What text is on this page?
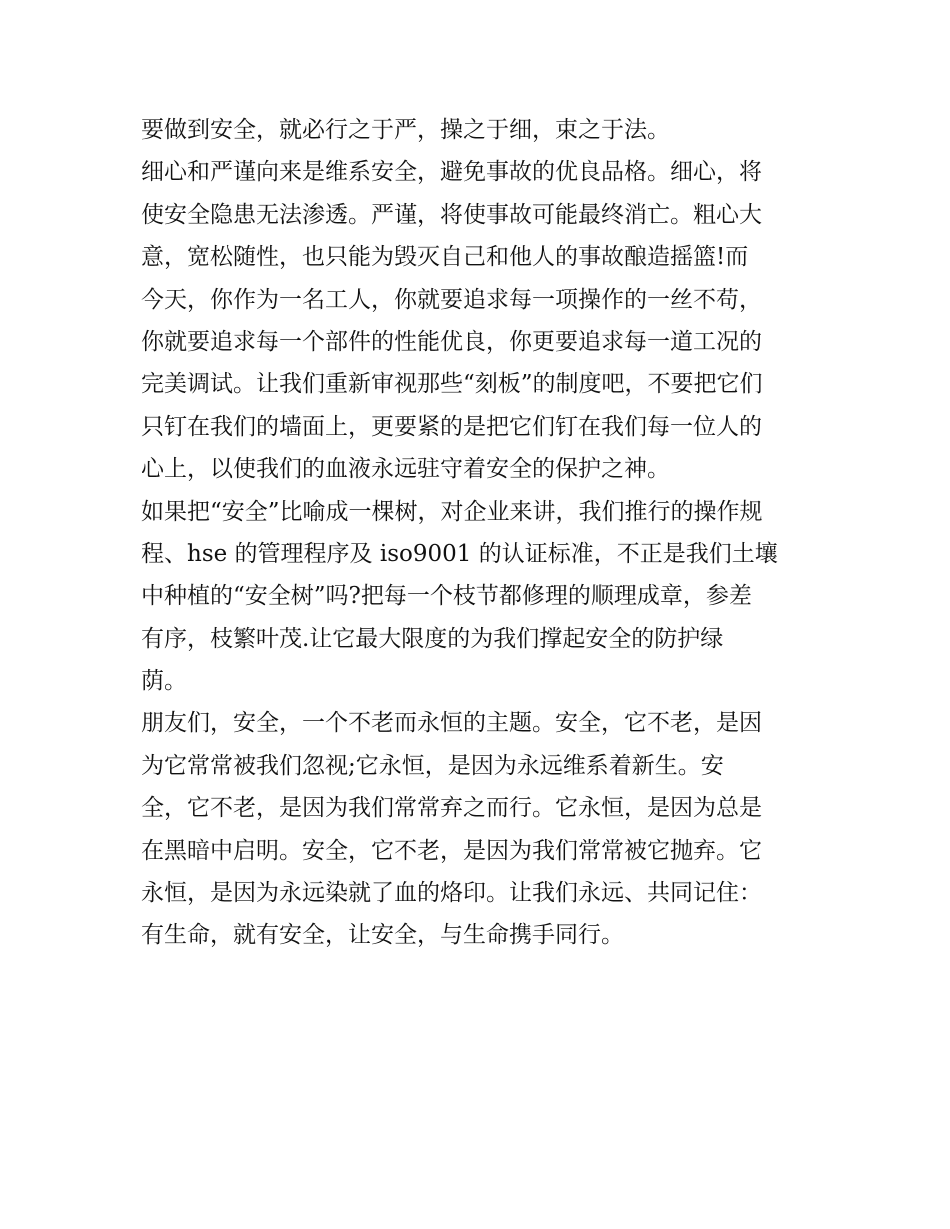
要做到安全，就必行之于严，操之于细，束之于法。
细心和严谨向来是维系安全，避免事故的优良品格。细心，将
使安全隐患无法渗透。严谨，将使事故可能最终消亡。粗心大
意，宽松随性，也只能为毁灭自己和他人的事故酿造摇篮!而
今天，你作为一名工人，你就要追求每一项操作的一丝不苟，
你就要追求每一个部件的性能优良，你更要追求每一道工况的
完美调试。让我们重新审视那些“刻板”的制度吧，不要把它们
只钉在我们的墙面上，更要紧的是把它们钉在我们每一位人的
心上，以使我们的血液永远驻守着安全的保护之神。
如果把“安全”比喻成一棵树，对企业来讲，我们推行的操作规
程、hse 的管理程序及 iso9001 的认证标准，不正是我们土壤
中种植的“安全树”吗?把每一个枝节都修理的顺理成章，参差
有序，枝繁叶茂.让它最大限度的为我们撑起安全的防护绿
荫。
朋友们，安全，一个不老而永恒的主题。安全，它不老，是因
为它常常被我们忽视;它永恒，是因为永远维系着新生。安
全，它不老，是因为我们常常弃之而行。它永恒，是因为总是
在黑暗中启明。安全，它不老，是因为我们常常被它抛弃。它
永恒，是因为永远染就了血的烙印。让我们永远、共同记住：
有生命，就有安全，让安全，与生命携手同行。
